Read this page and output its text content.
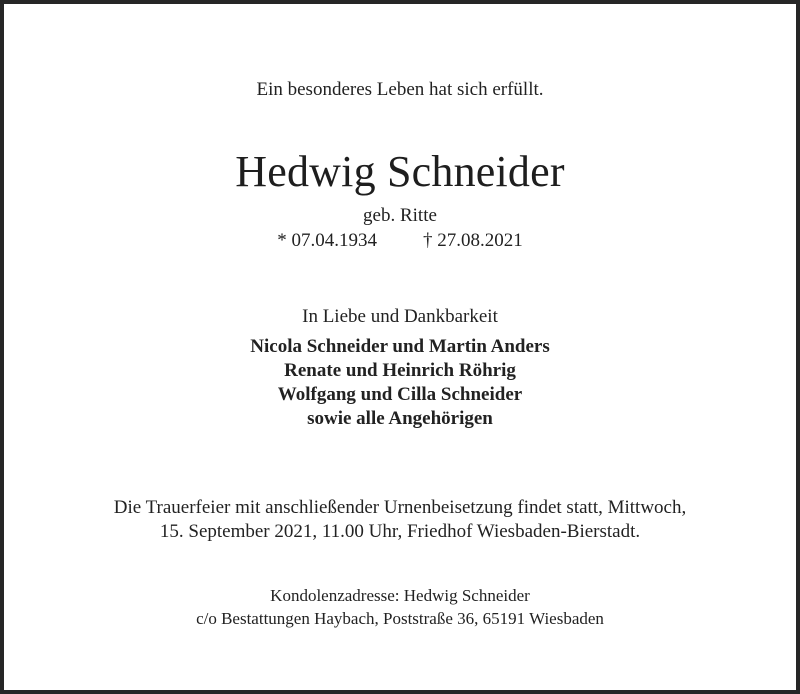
Ein besonderes Leben hat sich erfüllt.
Hedwig Schneider
geb. Ritte
* 07.04.1934 † 27.08.2021
In Liebe und Dankbarkeit
Nicola Schneider und Martin Anders
Renate und Heinrich Röhrig
Wolfgang und Cilla Schneider
sowie alle Angehörigen
Die Trauerfeier mit anschließender Urnenbeisetzung findet statt, Mittwoch,
15. September 2021, 11.00 Uhr, Friedhof Wiesbaden-Bierstadt.
Kondolenzadresse: Hedwig Schneider
c/o Bestattungen Haybach, Poststraße 36, 65191 Wiesbaden
